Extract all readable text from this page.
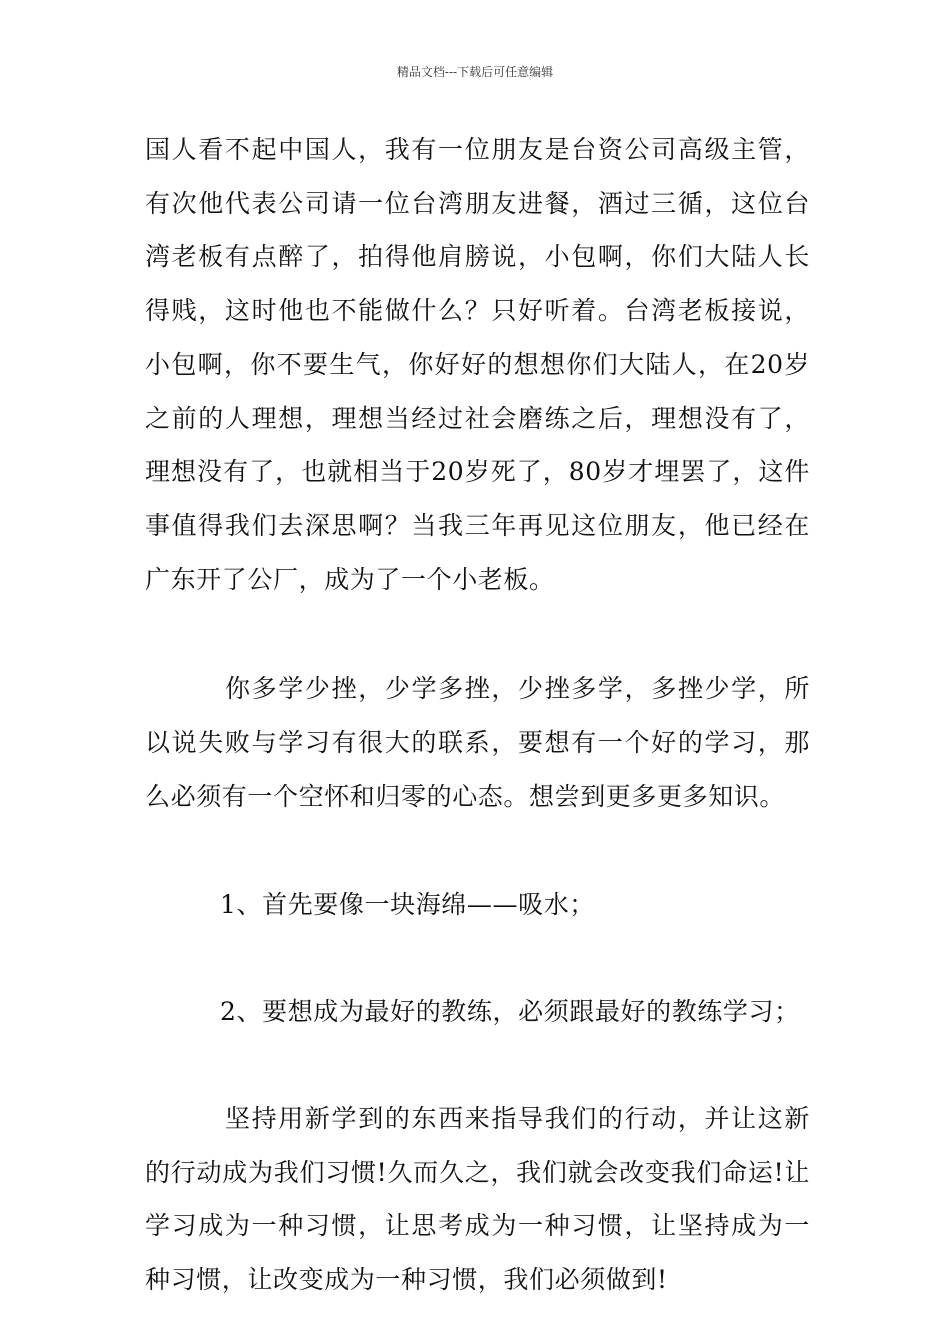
精品文档---下载后可任意编辑

国人看不起中国人，我有一位朋友是台资公司高级主管，有次他代表公司请一位台湾朋友进餐，酒过三循，这位台湾老板有点醉了，拍得他肩膀说，小包啊，你们大陆人长得贱，这时他也不能做什么？只好听着。台湾老板接说，小包啊，你不要生气，你好好的想想你们大陆人，在20岁之前的人理想，理想当经过社会磨练之后，理想没有了，理想没有了，也就相当于20岁死了，80岁才埋罢了，这件事值得我们去深思啊？当我三年再见这位朋友，他已经在广东开了公厂，成为了一个小老板。

你多学少挫，少学多挫，少挫多学，多挫少学，所以说失败与学习有很大的联系，要想有一个好的学习，那么必须有一个空怀和归零的心态。想尝到更多更多知识。

1、首先要像一块海绵——吸水；

2、要想成为最好的教练，必须跟最好的教练学习；

坚持用新学到的东西来指导我们的行动，并让这新的行动成为我们习惯!久而久之，我们就会改变我们命运!让学习成为一种习惯，让思考成为一种习惯，让坚持成为一种习惯，让改变成为一种习惯，我们必须做到!
